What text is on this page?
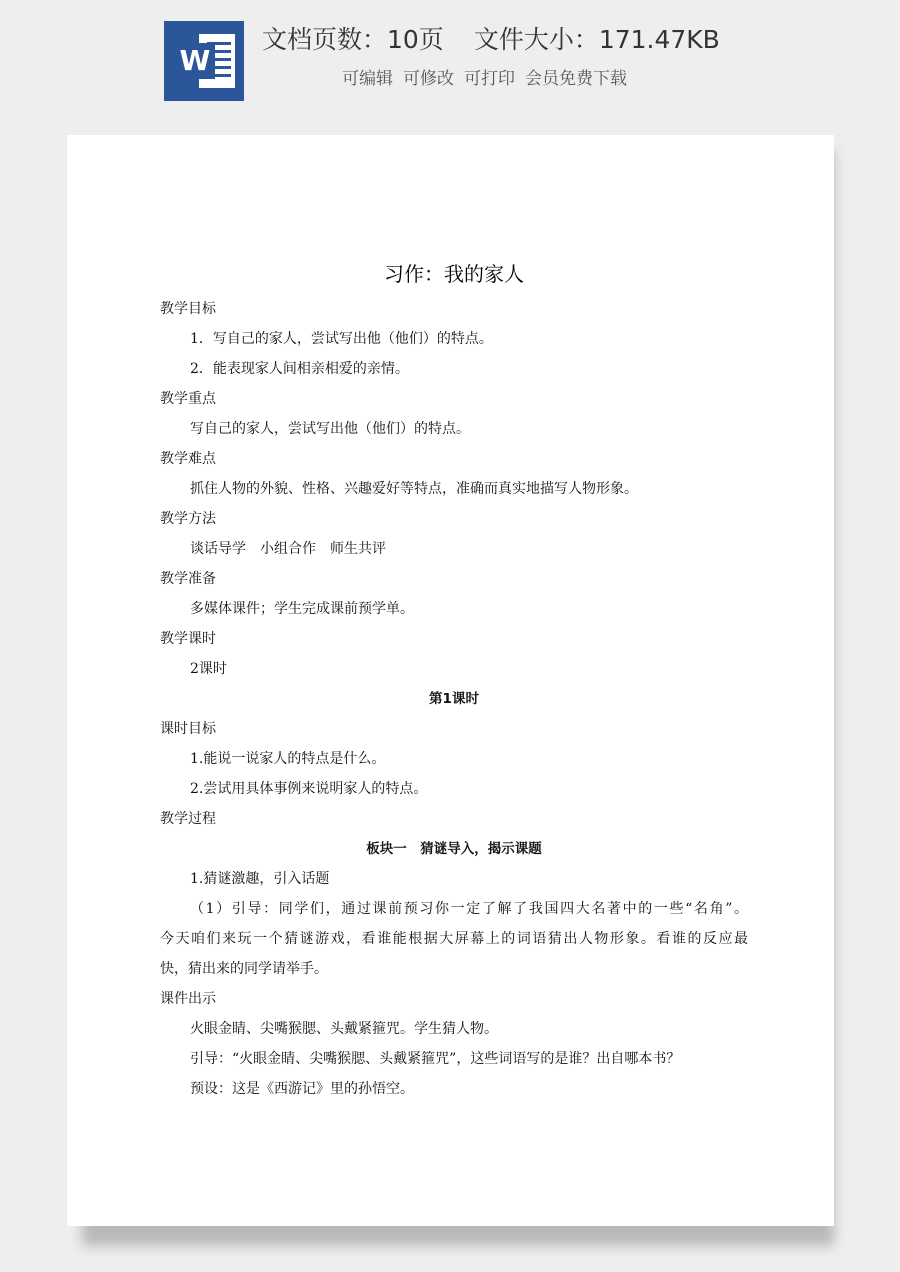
W
文档页数：10页 文件大小：171.47KB
可编辑 可修改 可打印 会员免费下载
习作：我的家人
教学目标
1．写自己的家人，尝试写出他（他们）的特点。
2．能表现家人间相亲相爱的亲情。
教学重点
写自己的家人，尝试写出他（他们）的特点。
教学难点
抓住人物的外貌、性格、兴趣爱好等特点，准确而真实地描写人物形象。
教学方法
谈话导学　小组合作　师生共评
教学准备
多媒体课件；学生完成课前预学单。
教学课时
2课时
第1课时
课时目标
1.能说一说家人的特点是什么。
2.尝试用具体事例来说明家人的特点。
教学过程
板块一　猜谜导入，揭示课题
1.猜谜激趣，引入话题
（1）引导：同学们，通过课前预习你一定了解了我国四大名著中的一些“名角”。
今天咱们来玩一个猜谜游戏，看谁能根据大屏幕上的词语猜出人物形象。看谁的反应最
快，猜出来的同学请举手。
课件出示
火眼金睛、尖嘴猴腮、头戴紧箍咒。学生猜人物。
引导：“火眼金睛、尖嘴猴腮、头戴紧箍咒”，这些词语写的是谁？出自哪本书？
预设：这是《西游记》里的孙悟空。
